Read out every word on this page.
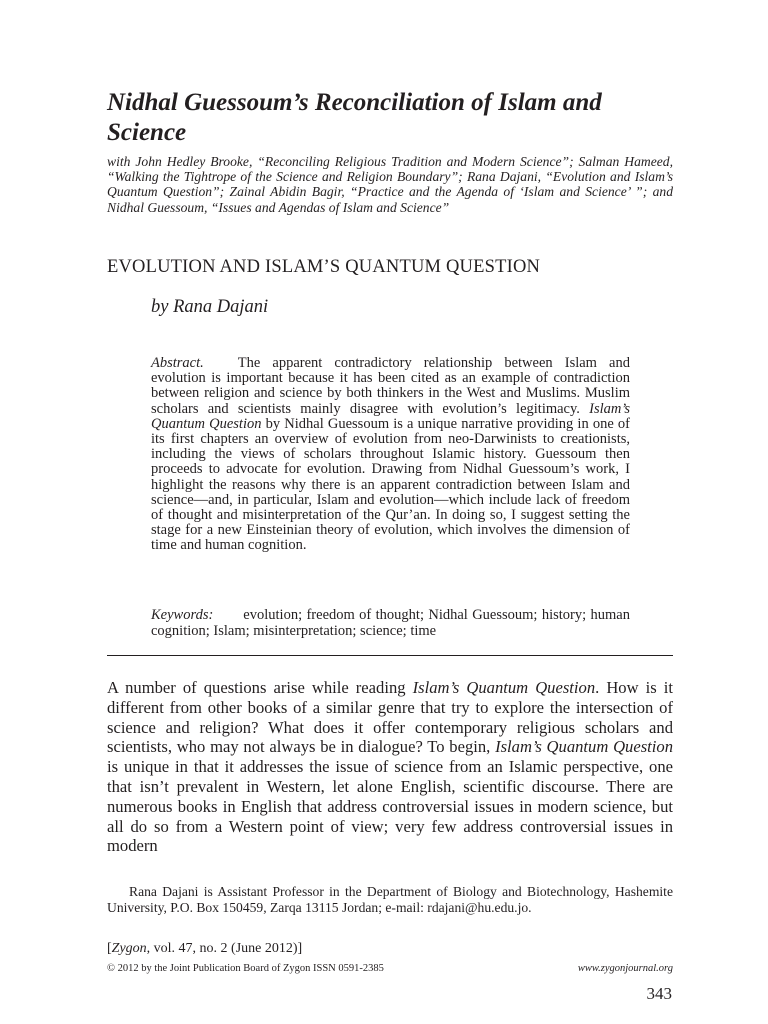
Nidhal Guessoum’s Reconciliation of Islam and Science

with John Hedley Brooke, “Reconciling Religious Tradition and Modern Science”; Salman Hameed, “Walking the Tightrope of the Science and Religion Boundary”; Rana Dajani, “Evolution and Islam’s Quantum Question”; Zainal Abidin Bagir, “Practice and the Agenda of ‘Islam and Science’ ”; and Nidhal Guessoum, “Issues and Agendas of Islam and Science”

EVOLUTION AND ISLAM’S QUANTUM QUESTION

by Rana Dajani

Abstract. The apparent contradictory relationship between Islam and evolution is important because it has been cited as an example of contradiction between religion and science by both thinkers in the West and Muslims. Muslim scholars and scientists mainly disagree with evolution’s legitimacy. Islam’s Quantum Question by Nidhal Guessoum is a unique narrative providing in one of its first chapters an overview of evolution from neo-Darwinists to creationists, including the views of scholars throughout Islamic history. Guessoum then proceeds to advocate for evolution. Drawing from Nidhal Guessoum’s work, I highlight the reasons why there is an apparent contradiction between Islam and science—and, in particular, Islam and evolution—which include lack of freedom of thought and misinterpretation of the Qur’an. In doing so, I suggest setting the stage for a new Einsteinian theory of evolution, which involves the dimension of time and human cognition.

Keywords: evolution; freedom of thought; Nidhal Guessoum; history; human cognition; Islam; misinterpretation; science; time

A number of questions arise while reading Islam’s Quantum Question. How is it different from other books of a similar genre that try to explore the intersection of science and religion? What does it offer contemporary religious scholars and scientists, who may not always be in dialogue? To begin, Islam’s Quantum Question is unique in that it addresses the issue of science from an Islamic perspective, one that isn’t prevalent in Western, let alone English, scientific discourse. There are numerous books in English that address controversial issues in modern science, but all do so from a Western point of view; very few address controversial issues in modern

Rana Dajani is Assistant Professor in the Department of Biology and Biotechnology, Hashemite University, P.O. Box 150459, Zarqa 13115 Jordan; e-mail: rdajani@hu.edu.jo.

[Zygon, vol. 47, no. 2 (June 2012)]

© 2012 by the Joint Publication Board of Zygon ISSN 0591-2385	www.zygonjournal.org

343
